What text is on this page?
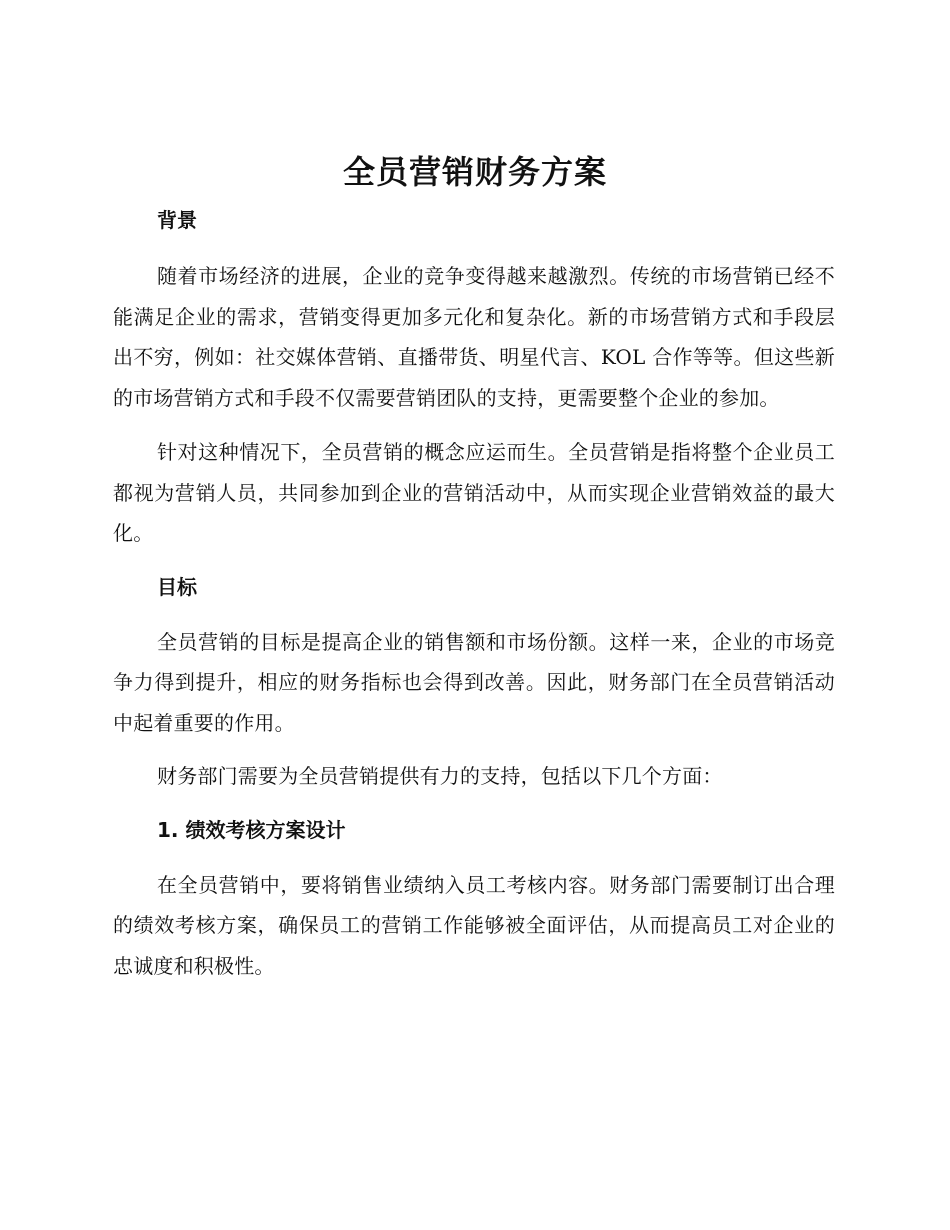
全员营销财务方案
背景

随着市场经济的进展，企业的竞争变得越来越激烈。传统的市场营销已经不能满足企业的需求，营销变得更加多元化和复杂化。新的市场营销方式和手段层出不穷，例如：社交媒体营销、直播带货、明星代言、KOL 合作等等。但这些新的市场营销方式和手段不仅需要营销团队的支持，更需要整个企业的参加。

针对这种情况下，全员营销的概念应运而生。全员营销是指将整个企业员工都视为营销人员，共同参加到企业的营销活动中，从而实现企业营销效益的最大化。

目标

全员营销的目标是提高企业的销售额和市场份额。这样一来，企业的市场竞争力得到提升，相应的财务指标也会得到改善。因此，财务部门在全员营销活动中起着重要的作用。

财务部门需要为全员营销提供有力的支持，包括以下几个方面：

1. 绩效考核方案设计

在全员营销中，要将销售业绩纳入员工考核内容。财务部门需要制订出合理的绩效考核方案，确保员工的营销工作能够被全面评估，从而提高员工对企业的忠诚度和积极性。
